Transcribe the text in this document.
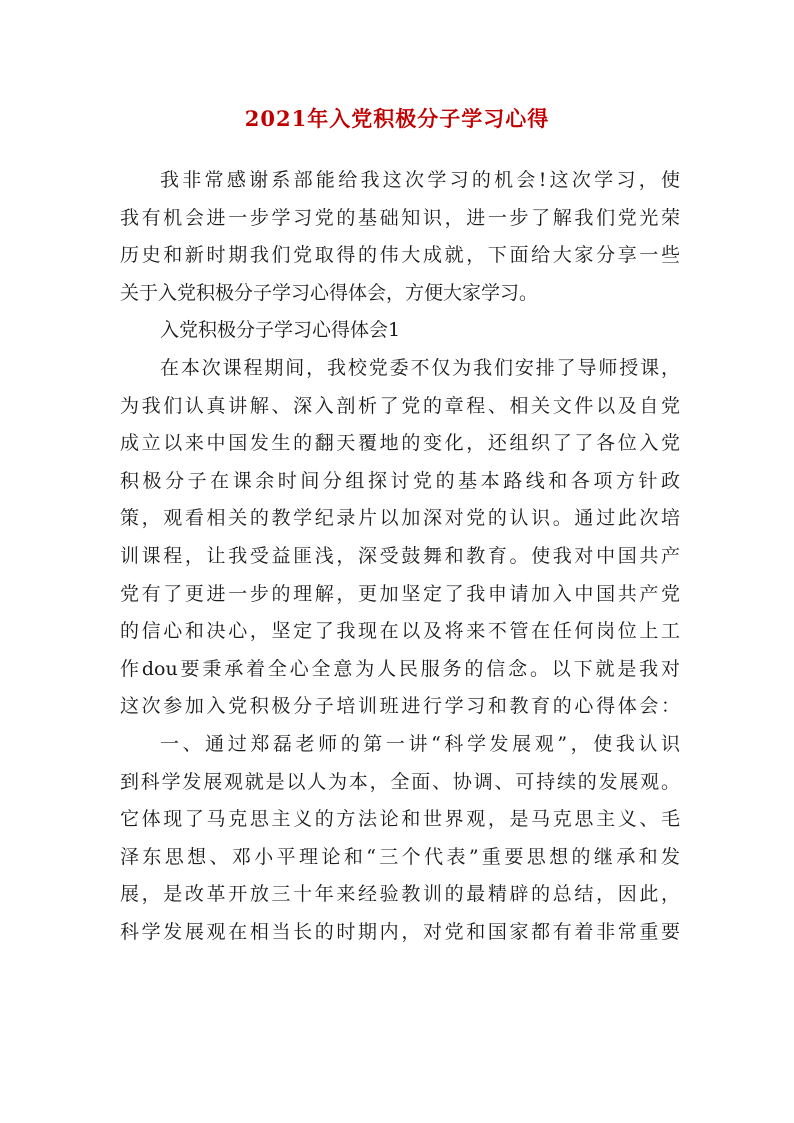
2021年入党积极分子学习心得
我非常感谢系部能给我这次学习的机会!这次学习，使
我有机会进一步学习党的基础知识，进一步了解我们党光荣
历史和新时期我们党取得的伟大成就，下面给大家分享一些
关于入党积极分子学习心得体会，方便大家学习。
入党积极分子学习心得体会1
在本次课程期间，我校党委不仅为我们安排了导师授课，
为我们认真讲解、深入剖析了党的章程、相关文件以及自党
成立以来中国发生的翻天覆地的变化，还组织了了各位入党
积极分子在课余时间分组探讨党的基本路线和各项方针政
策，观看相关的教学纪录片以加深对党的认识。通过此次培
训课程，让我受益匪浅，深受鼓舞和教育。使我对中国共产
党有了更进一步的理解，更加坚定了我申请加入中国共产党
的信心和决心，坚定了我现在以及将来不管在任何岗位上工
作dou要秉承着全心全意为人民服务的信念。以下就是我对
这次参加入党积极分子培训班进行学习和教育的心得体会：
一、通过郑磊老师的第一讲“科学发展观”，使我认识
到科学发展观就是以人为本，全面、协调、可持续的发展观。
它体现了马克思主义的方法论和世界观，是马克思主义、毛
泽东思想、邓小平理论和“三个代表”重要思想的继承和发
展，是改革开放三十年来经验教训的最精辟的总结，因此，
科学发展观在相当长的时期内，对党和国家都有着非常重要
